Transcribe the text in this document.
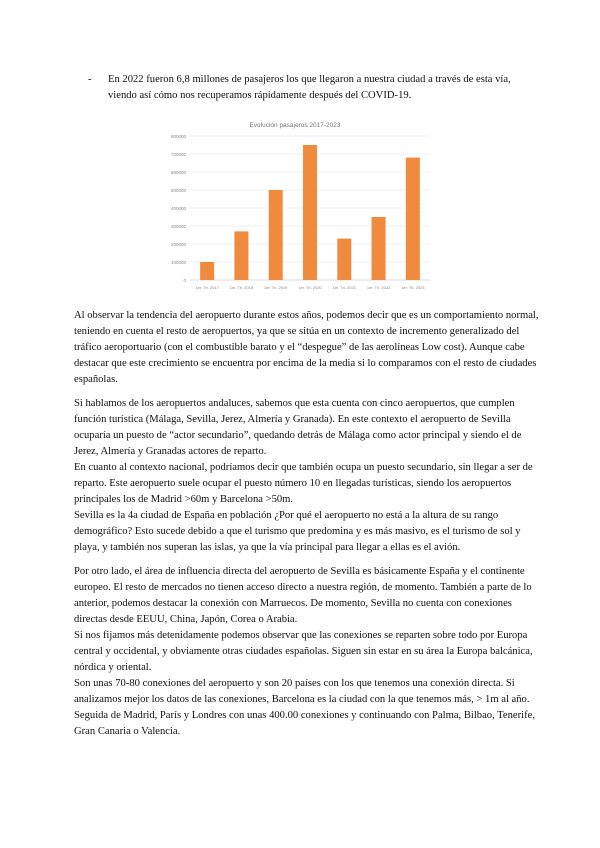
- En 2022 fueron 6,8 millones de pasajeros los que llegaron a nuestra ciudad a través de esta vía, viendo así cómo nos recuperamos rápidamente después del COVID-19.
Evolución pasajeros 2017-2023
0
100000
200000
300000
400000
500000
600000
700000
800000
1er. Tri. 2017	1er. Tri. 2018	1er. Tri. 2019	1er. Tri. 2020	1er. Tri. 2021	1er. Tri. 2022	1er. Tri. 2023

Al observar la tendencia del aeropuerto durante estos años, podemos decir que es un comportamiento normal, teniendo en cuenta el resto de aeropuertos, ya que se sitúa en un contexto de incremento generalizado del tráfico aeroportuario (con el combustible barato y el “despegue” de las aerolíneas Low cost). Aunque cabe destacar que este crecimiento se encuentra por encima de la media si lo comparamos con el resto de ciudades españolas.

Si hablamos de los aeropuertos andaluces, sabemos que esta cuenta con cinco aeropuertos, que cumplen función turística (Málaga, Sevilla, Jerez, Almería y Granada). En este contexto el aeropuerto de Sevilla ocuparía un puesto de “actor secundario”, quedando detrás de Málaga como actor principal y siendo el de Jerez, Almería y Granadas actores de reparto.

En cuanto al contexto nacional, podríamos decir que también ocupa un puesto secundario, sin llegar a ser de reparto. Este aeropuerto suele ocupar el puesto número 10 en llegadas turísticas, siendo los aeropuertos principales los de Madrid >60m y Barcelona >50m.

Sevilla es la 4a ciudad de España en población ¿Por qué el aeropuerto no está a la altura de su rango demográfico? Esto sucede debido a que el turismo que predomina y es más masivo, es el turismo de sol y playa, y también nos superan las islas, ya que la vía principal para llegar a ellas es el avión.

Por otro lado, el área de influencia directa del aeropuerto de Sevilla es básicamente España y el continente europeo. El resto de mercados no tienen acceso directo a nuestra región, de momento. También a parte de lo anterior, podemos destacar la conexión con Marruecos. De momento, Sevilla no cuenta con conexiones directas desde EEUU, China, Japón, Corea o Arabia.

Si nos fijamos más detenidamente podemos observar que las conexiones se reparten sobre todo por Europa central y occidental, y obviamente otras ciudades españolas. Siguen sin estar en su área la Europa balcánica, nórdica y oriental.

Son unas 70-80 conexiones del aeropuerto y son 20 países con los que tenemos una conexión directa. Si analizamos mejor los datos de las conexiones, Barcelona es la ciudad con la que tenemos más, > 1m al año. Seguida de Madrid, París y Londres con unas 400.00 conexiones y continuando con Palma, Bilbao, Tenerife, Gran Canaria o Valencia.
